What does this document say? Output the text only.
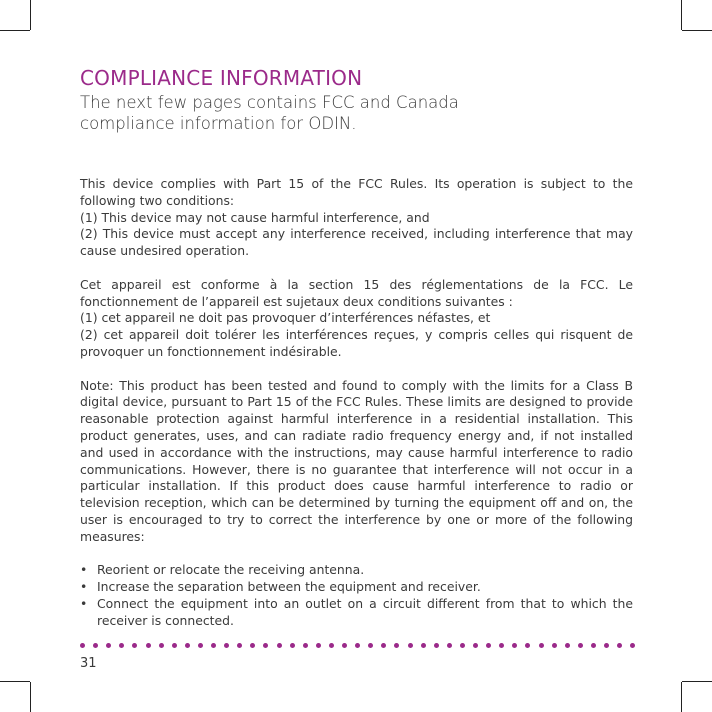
COMPLIANCE INFORMATION

The next few pages contains FCC and Canada compliance information for ODIN.

This device complies with Part 15 of the FCC Rules. Its operation is subject to the following two conditions:
(1) This device may not cause harmful interference, and
(2) This device must accept any interference received, including interference that may cause undesired operation.
Cet appareil est conforme à la section 15 des réglementations de la FCC. Le fonctionnement de l’appareil est sujetaux deux conditions suivantes :
(1) cet appareil ne doit pas provoquer d’interférences néfastes, et
(2) cet appareil doit tolérer les interférences reçues, y compris celles qui risquent de provoquer un fonctionnement indésirable.
Note: This product has been tested and found to comply with the limits for a Class B digital device, pursuant to Part 15 of the FCC Rules. These limits are designed to provide reasonable protection against harmful interference in a residential installation. This product generates, uses, and can radiate radio frequency energy and, if not installed and used in accordance with the instructions, may cause harmful interference to radio communications. However, there is no guarantee that interference will not occur in a particular installation. If this product does cause harmful interference to radio or television reception, which can be determined by turning the equipment off and on, the user is encouraged to try to correct the interference by one or more of the following measures:
• Reorient or relocate the receiving antenna.
• Increase the separation between the equipment and receiver.
• Connect the equipment into an outlet on a circuit different from that to which the receiver is connected.
31
